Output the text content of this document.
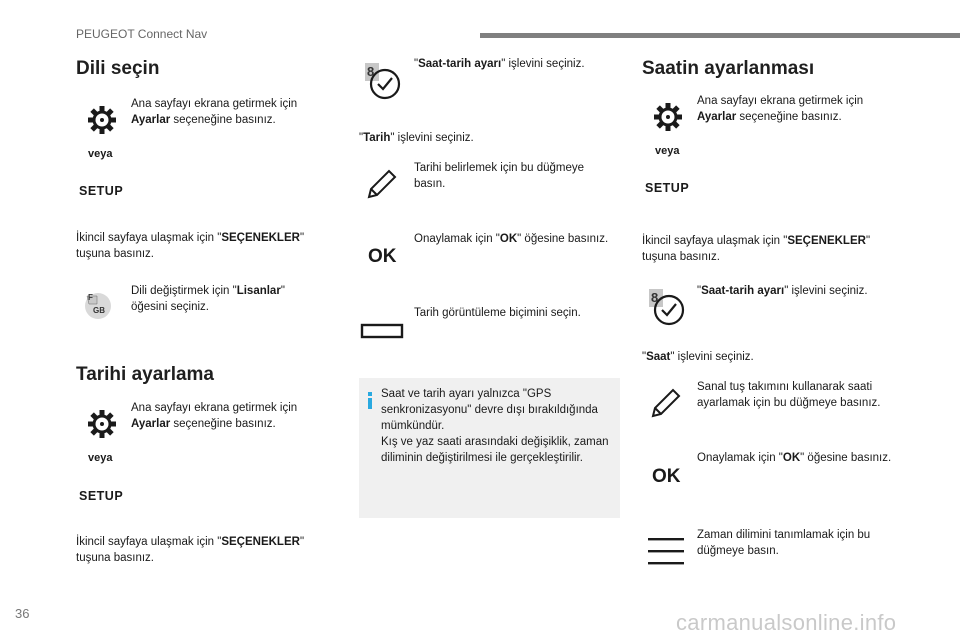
PEUGEOT Connect Nav
Dili seçin
Ana sayfayı ekrana getirmek için
Ayarlar seçeneğine basınız.
veya
SETUP
İkincil sayfaya ulaşmak için "SEÇENEKLER"
tuşuna basınız.
F
GB
Dili değiştirmek için "Lisanlar"
öğesini seçiniz.
Tarihi ayarlama
Ana sayfayı ekrana getirmek için
Ayarlar seçeneğine basınız.
veya
SETUP
İkincil sayfaya ulaşmak için "SEÇENEKLER"
tuşuna basınız.
8	"Saat-tarih ayarı" işlevini seçiniz.
"Tarih" işlevini seçiniz.
Tarihi belirlemek için bu düğmeye basın.
OK
Onaylamak için "OK" öğesine basınız.
Tarih görüntüleme biçimini seçin.
Saat ve tarih ayarı yalnızca "GPS senkronizasyonu" devre dışı bırakıldığında mümkündür.
Kış ve yaz saati arasındaki değişiklik, zaman diliminin değiştirilmesi ile gerçekleştirilir.
Saatin ayarlanması
Ana sayfayı ekrana getirmek için
Ayarlar seçeneğine basınız.
veya
SETUP
İkincil sayfaya ulaşmak için "SEÇENEKLER"
tuşuna basınız.
8	"Saat-tarih ayarı" işlevini seçiniz.
"Saat" işlevini seçiniz.
Sanal tuş takımını kullanarak saati ayarlamak için bu düğmeye basınız.
OK
Onaylamak için "OK" öğesine basınız.
Zaman dilimini tanımlamak için bu düğmeye basın.
36	carmanualsonline.info
